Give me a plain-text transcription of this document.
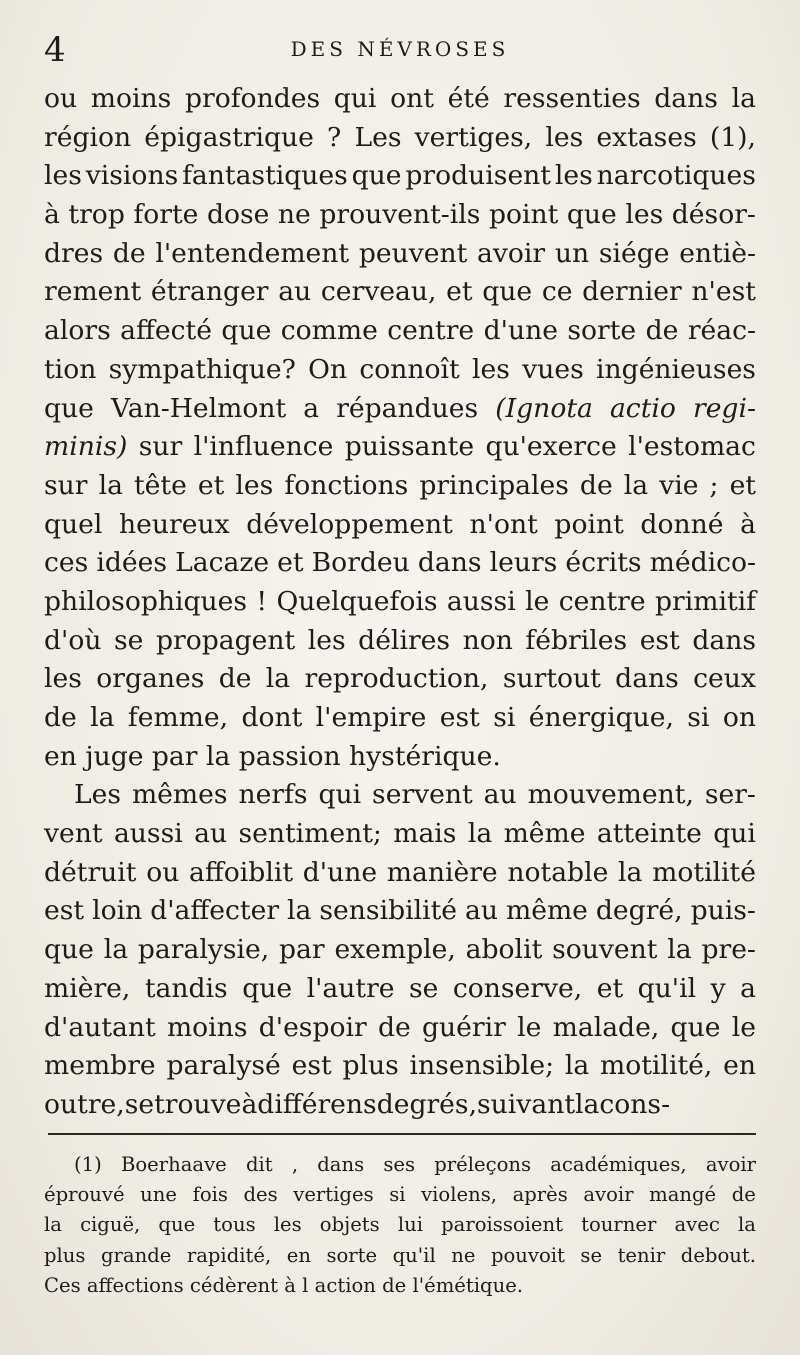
4	DES NÉVROSES
ou moins profondes qui ont été ressenties dans la
région épigastrique ? Les vertiges, les extases (1),
les visions fantastiques que produisent les narcotiques
à trop forte dose ne prouvent-ils point que les désor-
dres de l'entendement peuvent avoir un siége entiè-
rement étranger au cerveau, et que ce dernier n'est
alors affecté que comme centre d'une sorte de réac-
tion sympathique? On connoît les vues ingénieuses
que Van-Helmont a répandues (Ignota actio regi-
minis) sur l'influence puissante qu'exerce l'estomac
sur la tête et les fonctions principales de la vie ; et
quel heureux développement n'ont point donné à
ces idées Lacaze et Bordeu dans leurs écrits médico-
philosophiques ! Quelquefois aussi le centre primitif
d'où se propagent les délires non fébriles est dans
les organes de la reproduction, surtout dans ceux
de la femme, dont l'empire est si énergique, si on
en juge par la passion hystérique.
Les mêmes nerfs qui servent au mouvement, ser-
vent aussi au sentiment; mais la même atteinte qui
détruit ou affoiblit d'une manière notable la motilité
est loin d'affecter la sensibilité au même degré, puis-
que la paralysie, par exemple, abolit souvent la pre-
mière, tandis que l'autre se conserve, et qu'il y a
d'autant moins d'espoir de guérir le malade, que le
membre paralysé est plus insensible; la motilité, en
outre, se trouve à différens degrés, suivant la cons-
(1) Boerhaave dit , dans ses préleçons académiques, avoir
éprouvé une fois des vertiges si violens, après avoir mangé de
la ciguë, que tous les objets lui paroissoient tourner avec la
plus grande rapidité, en sorte qu'il ne pouvoit se tenir debout.
Ces affections cédèrent à l action de l'émétique.
